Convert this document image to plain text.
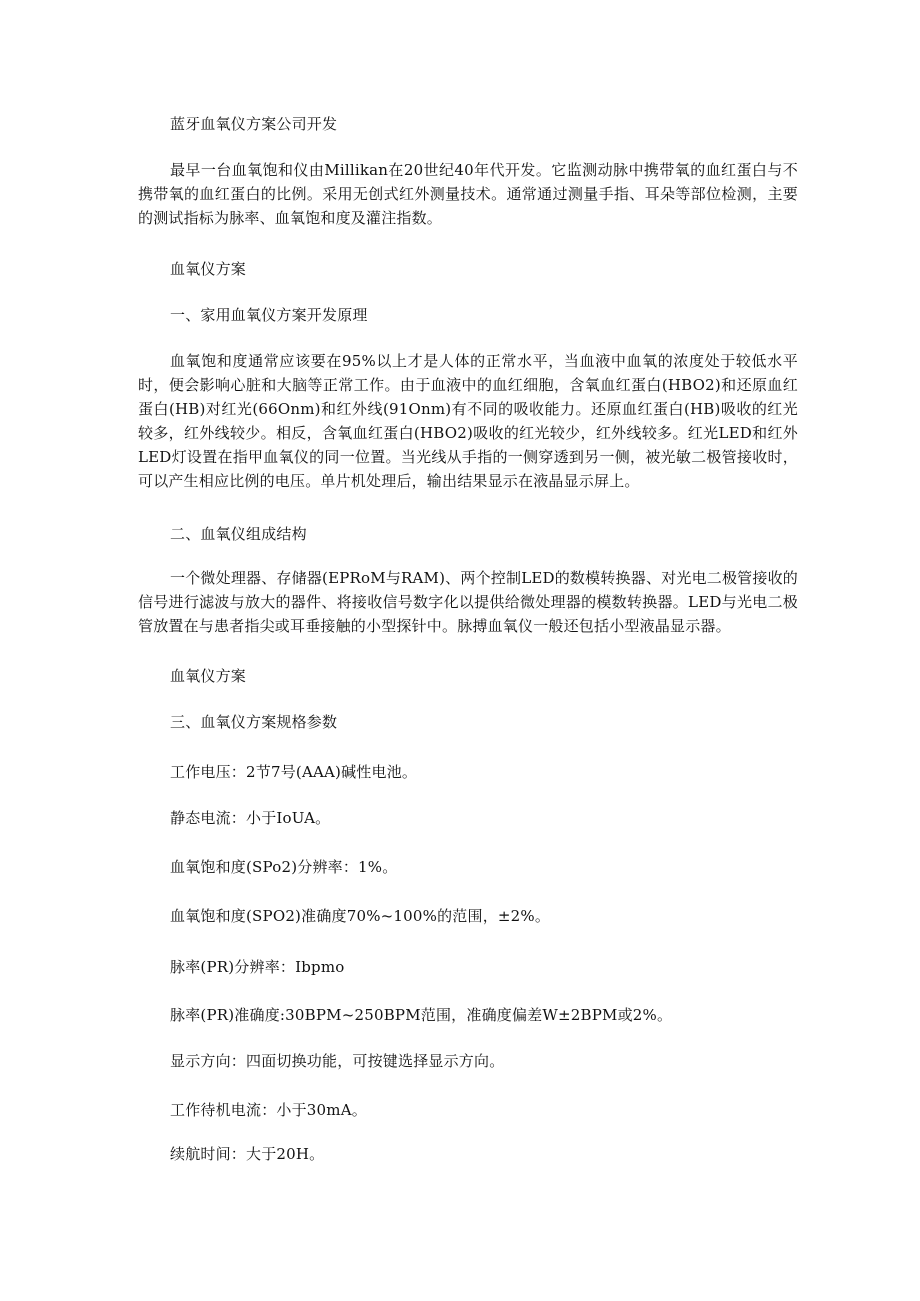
蓝牙血氧仪方案公司开发
最早一台血氧饱和仪由Millikan在20世纪40年代开发。它监测动脉中携带氧的血红蛋白与不携带氧的血红蛋白的比例。采用无创式红外测量技术。通常通过测量手指、耳朵等部位检测，主要的测试指标为脉率、血氧饱和度及灌注指数。
血氧仪方案
一、家用血氧仪方案开发原理
血氧饱和度通常应该要在95%以上才是人体的正常水平，当血液中血氧的浓度处于较低水平时，便会影响心脏和大脑等正常工作。由于血液中的血红细胞，含氧血红蛋白(HBO2)和还原血红蛋白(HB)对红光(66Onm)和红外线(91Onm)有不同的吸收能力。还原血红蛋白(HB)吸收的红光较多，红外线较少。相反，含氧血红蛋白(HBO2)吸收的红光较少，红外线较多。红光LED和红外LED灯设置在指甲血氧仪的同一位置。当光线从手指的一侧穿透到另一侧，被光敏二极管接收时，可以产生相应比例的电压。单片机处理后，输出结果显示在液晶显示屏上。
二、血氧仪组成结构
一个微处理器、存储器(EPRoM与RAM)、两个控制LED的数模转换器、对光电二极管接收的信号进行滤波与放大的器件、将接收信号数字化以提供给微处理器的模数转换器。LED与光电二极管放置在与患者指尖或耳垂接触的小型探针中。脉搏血氧仪一般还包括小型液晶显示器。
血氧仪方案
三、血氧仪方案规格参数
工作电压：2节7号(AAA)碱性电池。
静态电流：小于IoUA。
血氧饱和度(SPo2)分辨率：1%。
血氧饱和度(SPO2)准确度70%~100%的范围，±2%。
脉率(PR)分辨率：Ibpmo
脉率(PR)准确度:30BPM~250BPM范围，准确度偏差W±2BPM或2%。
显示方向：四面切换功能，可按键选择显示方向。
工作待机电流：小于30mA。
续航时间：大于20H。
